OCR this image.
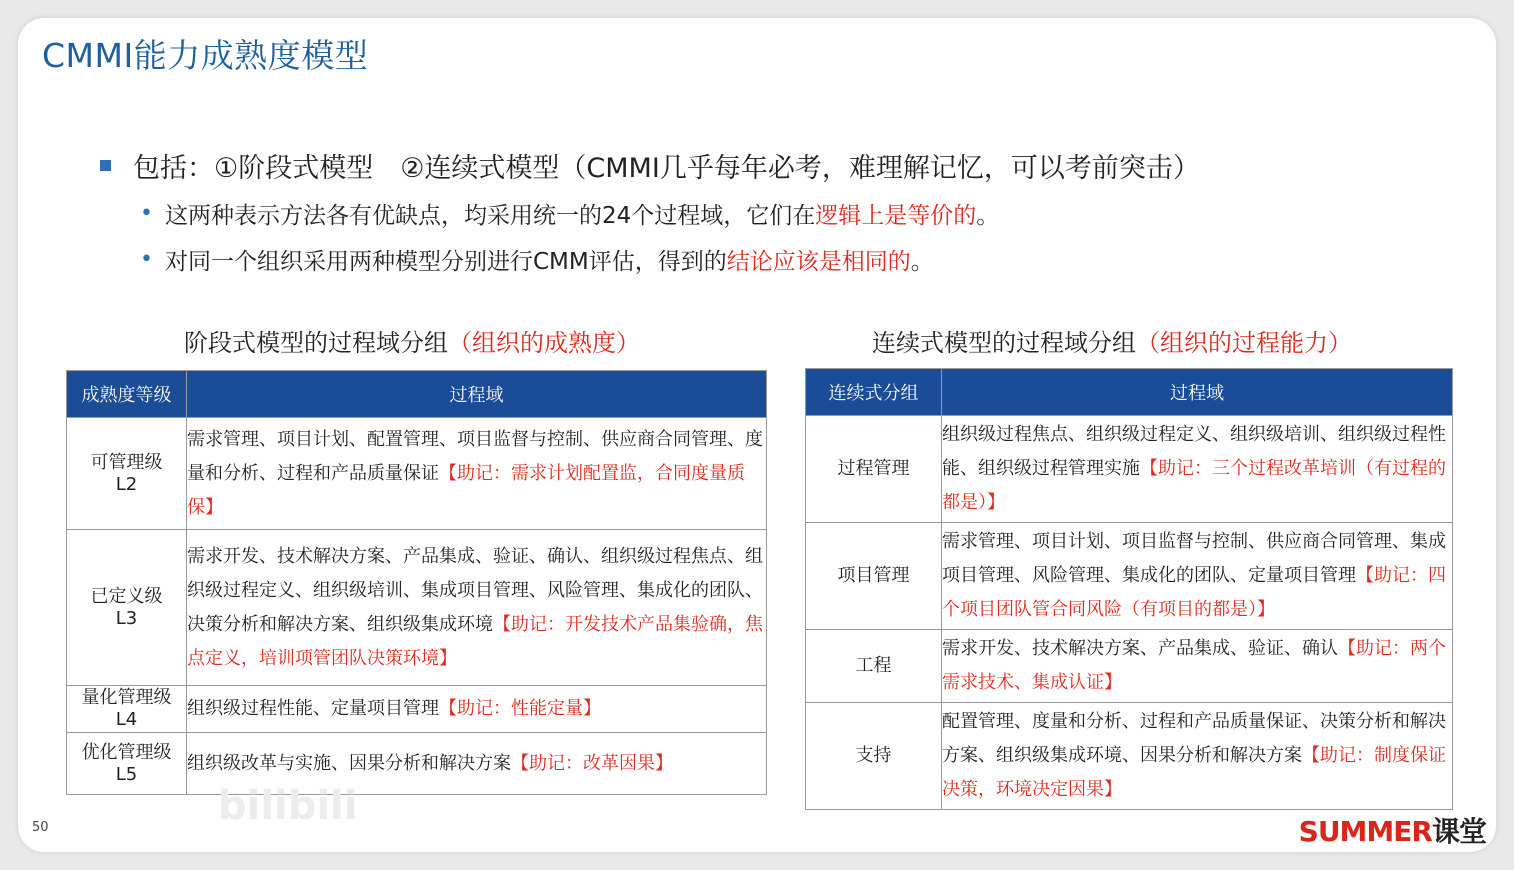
CMMI能力成熟度模型
包括：①阶段式模型　②连续式模型（CMMI几乎每年必考，难理解记忆，可以考前突击）
• 这两种表示方法各有优缺点，均采用统一的24个过程域，它们在 逻辑上是等价的 。
• 对同一个组织采用两种模型分别进行CMM评估，得到的 结论应该是相同的 。
阶段式模型的过程域分组（组织的成熟度）	连续式模型的过程域分组（组织的过程能力）
成熟度等级	过程域

可管理级
L2	需求管理、项目计划、配置管理、项目监督与控制、供应商合同管理、度量和分析、过程和产品质量保证【助记：需求计划配置监，合同度量质保】

已定义级
L3	需求开发、技术解决方案、产品集成、验证、确认、组织级过程焦点、组织级过程定义、组织级培训、集成项目管理、风险管理、集成化的团队、决策分析和解决方案、组织级集成环境【助记：开发技术产品集验确，焦点定义，培训项管团队决策环境】

量化管理级
L4	组织级过程性能、定量项目管理【助记：性能定量】

优化管理级
L5	组织级改革与实施、因果分析和解决方案【助记：改革因果】
连续式分组	过程域
过程管理	组织级过程焦点、组织级过程定义、组织级培训、组织级过程性能、组织级过程管理实施【助记：三个过程改革培训（有过程的都是）】
项目管理	需求管理、项目计划、项目监督与控制、供应商合同管理、集成项目管理、风险管理、集成化的团队、定量项目管理【助记：四个项目团队管合同风险（有项目的都是）】
工程	需求开发、技术解决方案、产品集成、验证、确认【助记：两个需求技术、集成认证】
支持	配置管理、度量和分析、过程和产品质量保证、决策分析和解决方案、组织级集成环境、因果分析和解决方案【助记：制度保证决策，环境决定因果】
bilibili
50	SUMMER课堂
